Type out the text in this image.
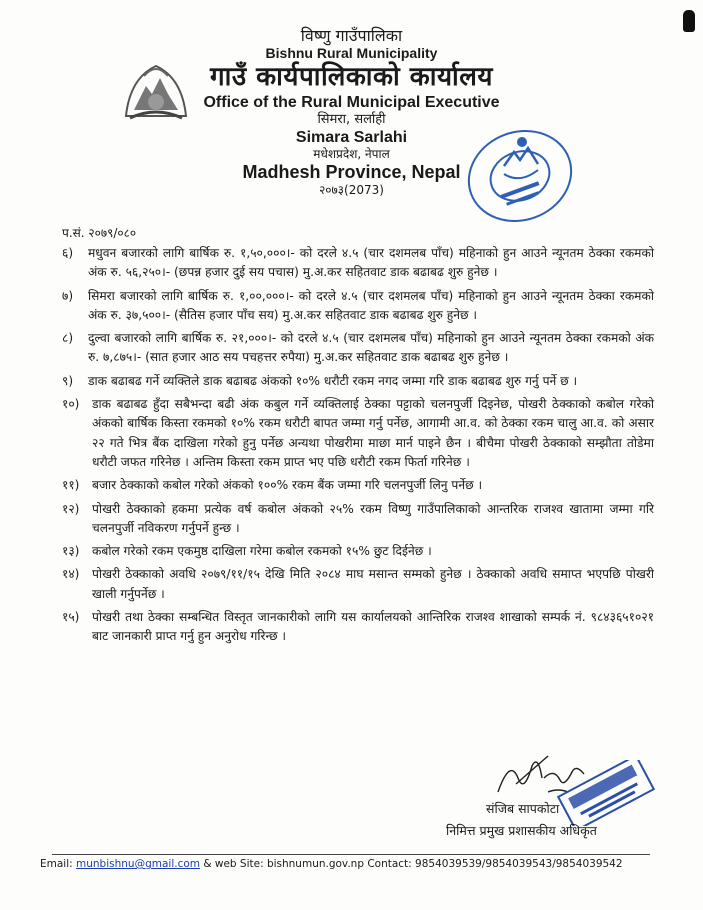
विष्णु गाउँपालिका
Bishnu Rural Municipality
गाउँ कार्यपालिकाको कार्यालय
Office of the Rural Municipal Executive
सिमरा, सर्लाही
Simara Sarlahi
मधेशप्रदेश, नेपाल
Madhesh Province, Nepal
२०७३(2073)
प.सं. २०७९/०८०
६) मधुवन बजारको लागि बार्षिक रु. १,५०,०००।- को दरले ४.५ (चार दशमलब पाँच) महिनाको हुन आउने न्यूनतम ठेक्का रकमको अंक रु. ५६,२५०।- (छपन्न हजार दुई सय पचास) मु.अ.कर सहितवाट डाक बढाबढ शुरु हुनेछ ।
७) सिमरा बजारको लागि बार्षिक रु. १,००,०००।- को दरले ४.५ (चार दशमलब पाँच) महिनाको हुन आउने न्यूनतम ठेक्का रकमको अंक रु. ३७,५००।- (सैतिस हजार पाँच सय) मु.अ.कर सहितवाट डाक बढाबढ शुरु हुनेछ ।
८) दुल्वा बजारको लागि बार्षिक रु. २१,०००।- को दरले ४.५ (चार दशमलब पाँच) महिनाको हुन आउने न्यूनतम ठेक्का रकमको अंक रु. ७,८७५।- (सात हजार आठ सय पचहत्तर रुपैया) मु.अ.कर सहितवाट डाक बढाबढ शुरु हुनेछ ।
९) डाक बढाबढ गर्ने व्यक्तिले डाक बढाबढ अंकको १०% धरौटी रकम नगद जम्मा गरि डाक बढाबढ शुरु गर्नु पर्ने छ ।
१०) डाक बढाबढ हुँदा सबैभन्दा बढी अंक कबुल गर्ने व्यक्तिलाई ठेक्का पट्टाको चलनपुर्जी दिइनेछ, पोखरी ठेक्काको कबोल गरेको अंकको बार्षिक किस्ता रकमको १०% रकम धरौटी बापत जम्मा गर्नु पर्नेछ, आगामी आ.व. को ठेक्का रकम चालु आ.व. को असार २२ गते भित्र बैंक दाखिला गरेको हुनु पर्नेछ अन्यथा पोखरीमा माछा मार्न पाइने छैन । बीचैमा पोखरी ठेक्काको सम्झौता तोडेमा धरौटी जफत गरिनेछ । अन्तिम किस्ता रकम प्राप्त भए पछि धरौटी रकम फिर्ता गरिनेछ ।
११) बजार ठेक्काको कबोल गरेको अंकको १००% रकम बैंक जम्मा गरि चलनपुर्जी लिनु पर्नेछ ।
१२) पोखरी ठेक्काको हकमा प्रत्येक वर्ष कबोल अंकको २५% रकम विष्णु गाउँपालिकाको आन्तरिक राजश्व खातामा जम्मा गरि चलनपुर्जी नविकरण गर्नुपर्ने हुन्छ ।
१३) कबोल गरेको रकम एकमुष्ठ दाखिला गरेमा कबोल रकमको १५% छुट दिईनेछ ।
१४) पोखरी ठेक्काको अवधि २०७९/११/१५ देखि मिति २०८४ माघ मसान्त सम्मको हुनेछ । ठेक्काको अवधि समाप्त भएपछि पोखरी खाली गर्नुपर्नेछ ।
१५) पोखरी तथा ठेक्का सम्बन्धित विस्तृत जानकारीको लागि यस कार्यालयको आन्तिरिक राजश्व शाखाको सम्पर्क नं. ९८४३६५१०२१ बाट जानकारी प्राप्त गर्नु हुन अनुरोध गरिन्छ ।
संजिब सापकोटा
निमित्त प्रमुख प्रशासकीय अधिकृत
Email: munbishnu@gmail.com & web Site: bishnumun.gov.np Contact: 9854039539/9854039543/9854039542
